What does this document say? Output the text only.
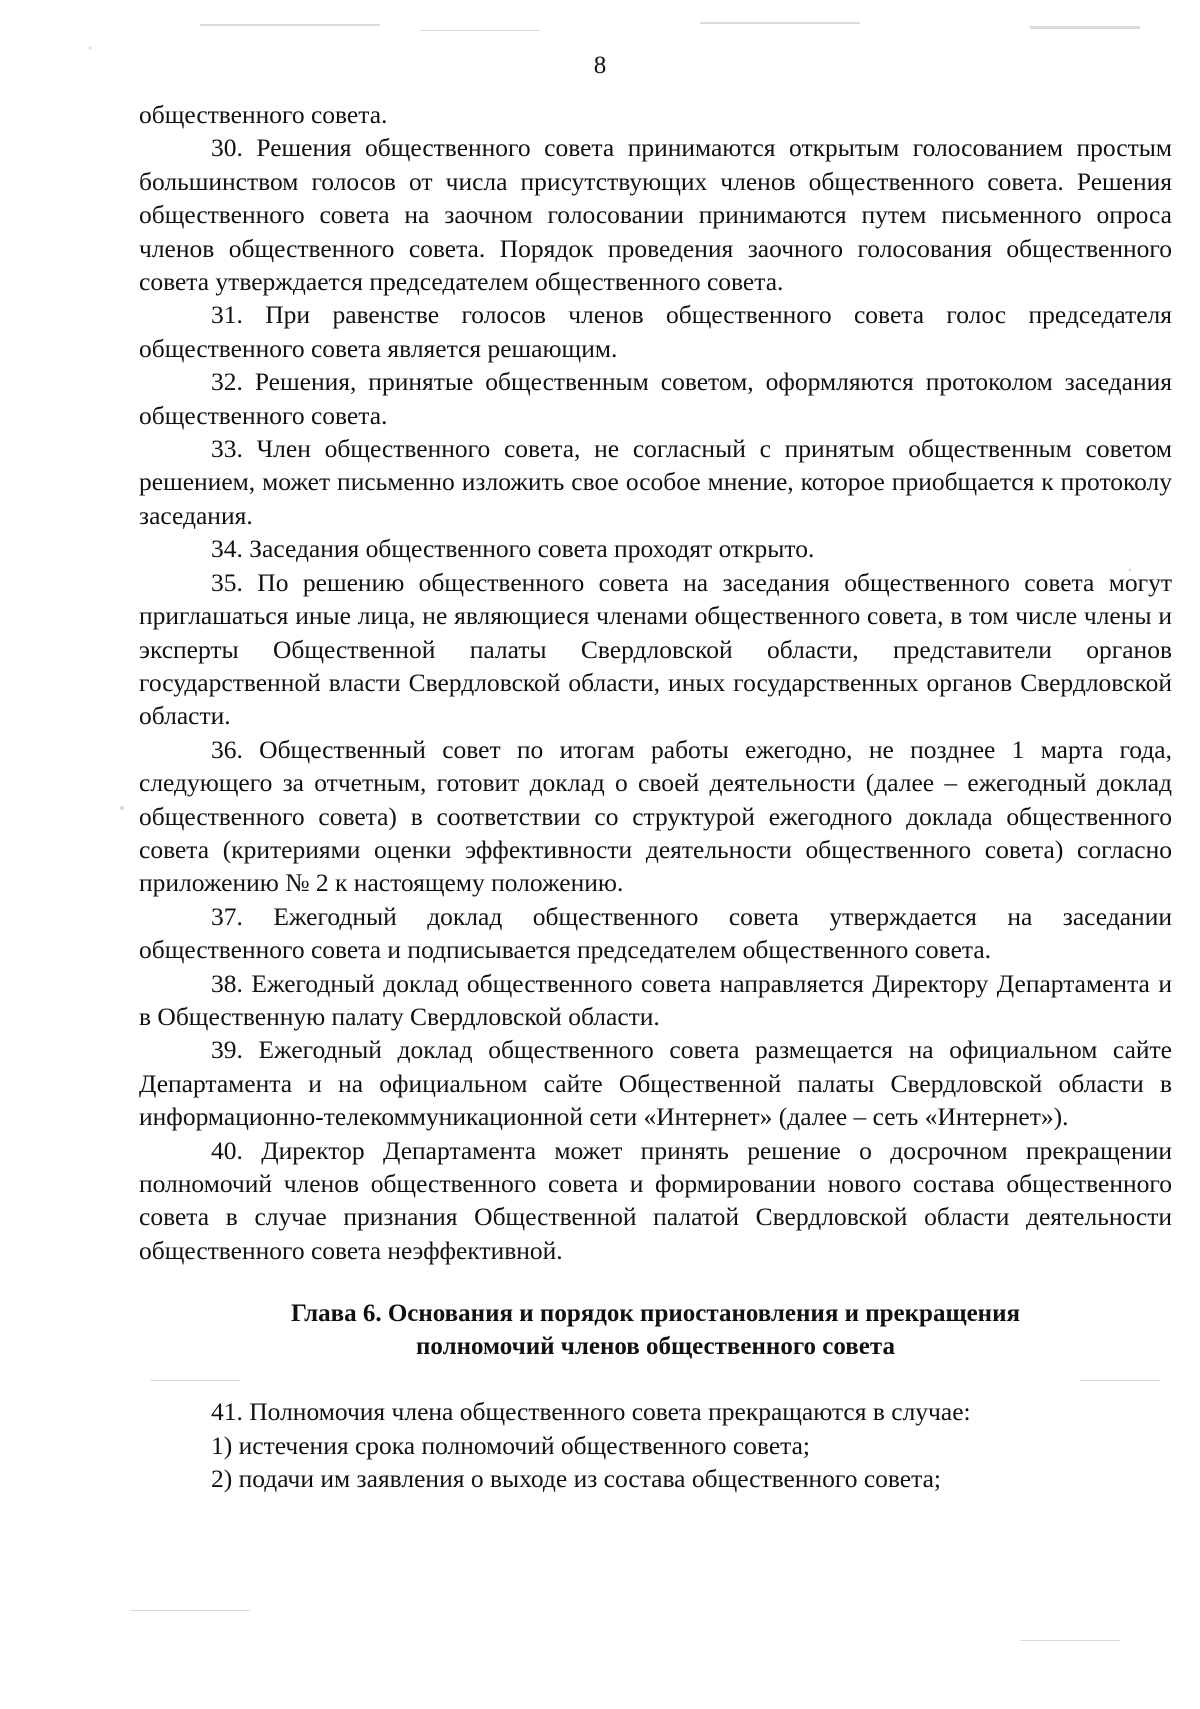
8

общественного совета.

30. Решения общественного совета принимаются открытым голосованием простым большинством голосов от числа присутствующих членов общественного совета. Решения общественного совета на заочном голосовании принимаются путем письменного опроса членов общественного совета. Порядок проведения заочного голосования общественного совета утверждается председателем общественного совета.

31. При равенстве голосов членов общественного совета голос председателя общественного совета является решающим.

32. Решения, принятые общественным советом, оформляются протоколом заседания общественного совета.

33. Член общественного совета, не согласный с принятым общественным советом решением, может письменно изложить свое особое мнение, которое приобщается к протоколу заседания.

34. Заседания общественного совета проходят открыто.

35. По решению общественного совета на заседания общественного совета могут приглашаться иные лица, не являющиеся членами общественного совета, в том числе члены и эксперты Общественной палаты Свердловской области, представители органов государственной власти Свердловской области, иных государственных органов Свердловской области.

36. Общественный совет по итогам работы ежегодно, не позднее 1 марта года, следующего за отчетным, готовит доклад о своей деятельности (далее – ежегодный доклад общественного совета) в соответствии со структурой ежегодного доклада общественного совета (критериями оценки эффективности деятельности общественного совета) согласно приложению № 2 к настоящему положению.

37. Ежегодный доклад общественного совета утверждается на заседании общественного совета и подписывается председателем общественного совета.

38. Ежегодный доклад общественного совета направляется Директору Департамента и в Общественную палату Свердловской области.

39. Ежегодный доклад общественного совета размещается на официальном сайте Департамента и на официальном сайте Общественной палаты Свердловской области в информационно-телекоммуникационной сети «Интернет» (далее – сеть «Интернет»).

40. Директор Департамента может принять решение о досрочном прекращении полномочий членов общественного совета и формировании нового состава общественного совета в случае признания Общественной палатой Свердловской области деятельности общественного совета неэффективной.

Глава 6. Основания и порядок приостановления и прекращения
полномочий членов общественного совета

41. Полномочия члена общественного совета прекращаются в случае:

1) истечения срока полномочий общественного совета;

2) подачи им заявления о выходе из состава общественного совета;
